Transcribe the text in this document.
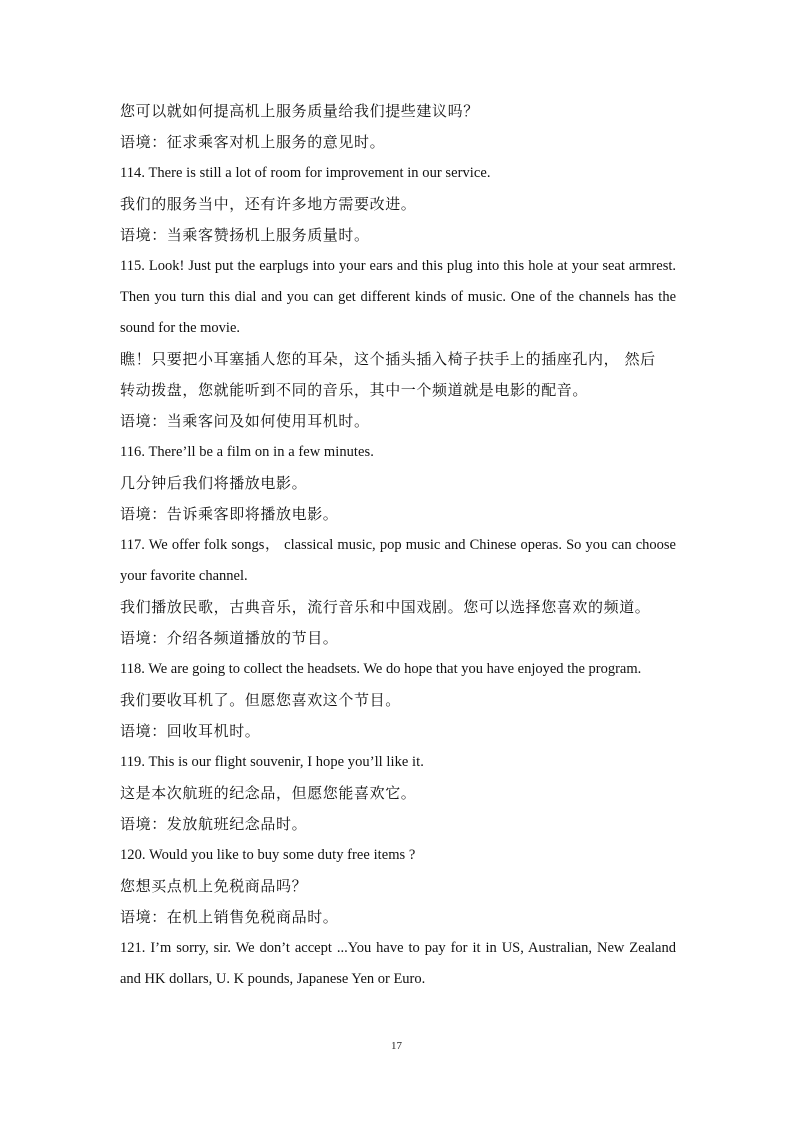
您可以就如何提高机上服务质量给我们提些建议吗？

语境：征求乘客对机上服务的意见时。

114. There is still a lot of room for improvement in our service.

我们的服务当中，还有许多地方需要改进。

语境：当乘客赞扬机上服务质量时。

115. Look! Just put the earplugs into your ears and this plug into this hole at your seat armrest. Then you turn this dial and you can get different kinds of music. One of the channels has the sound for the movie.

瞧！只要把小耳塞插人您的耳朵，这个插头插入椅子扶手上的插座孔内， 然后

转动拨盘，您就能听到不同的音乐，其中一个频道就是电影的配音。

语境：当乘客问及如何使用耳机时。

116. There’ll be a film on in a few minutes.

几分钟后我们将播放电影。

语境：告诉乘客即将播放电影。

117. We offer folk songs， classical music, pop music and Chinese operas. So you can choose your favorite channel.

我们播放民歌，古典音乐，流行音乐和中国戏剧。您可以选择您喜欢的频道。

语境：介绍各频道播放的节目。

118. We are going to collect the headsets. We do hope that you have enjoyed the program.

我们要收耳机了。但愿您喜欢这个节目。

语境：回收耳机时。

119. This is our flight souvenir, I hope you’ll like it.

这是本次航班的纪念品，但愿您能喜欢它。

语境：发放航班纪念品时。

120. Would you like to buy some duty free items ?

您想买点机上免税商品吗？

语境：在机上销售免税商品时。

121. I’m sorry, sir. We don’t accept ...You have to pay for it in US, Australian, New Zealand and HK dollars, U. K pounds, Japanese Yen or Euro.

17
